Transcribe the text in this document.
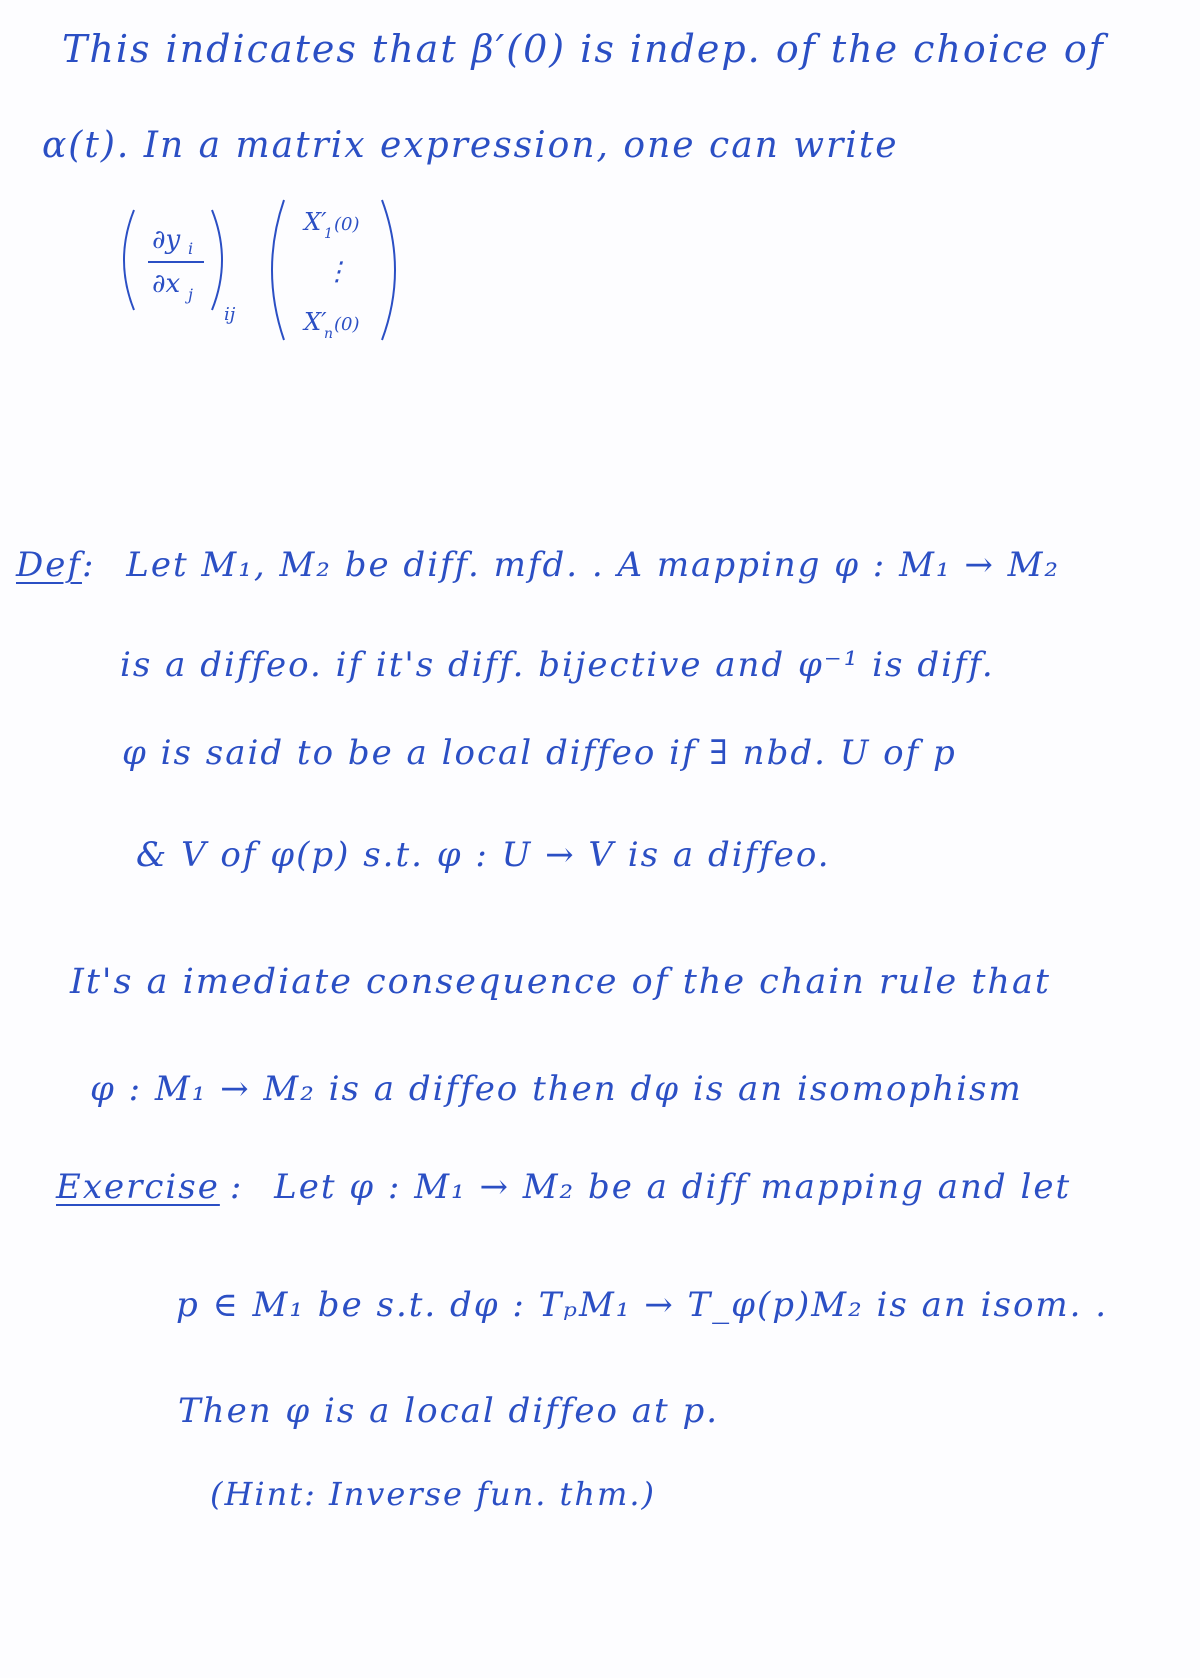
This indicates that β′(0) is indep. of the choice of
α(t). In a matrix expression, one can write
∂y i
∂x j
ij
X′
1 (0)
⋮
X′
n (0)
Def: Let M₁, M₂ be diff. mfd. . A mapping φ : M₁ → M₂
is a diffeo. if it's diff. bijective and φ⁻¹ is diff.
φ is said to be a local diffeo if ∃ nbd. U of p
& V of φ(p) s.t. φ : U → V is a diffeo.
It's a imediate consequence of the chain rule that
φ : M₁ → M₂ is a diffeo then dφ is an isomophism
Exercise : Let φ : M₁ → M₂ be a diff mapping and let
p ∈ M₁ be s.t. dφ : TₚM₁ → T_φ(p)M₂ is an isom. .
Then φ is a local diffeo at p.
(Hint: Inverse fun. thm.)
